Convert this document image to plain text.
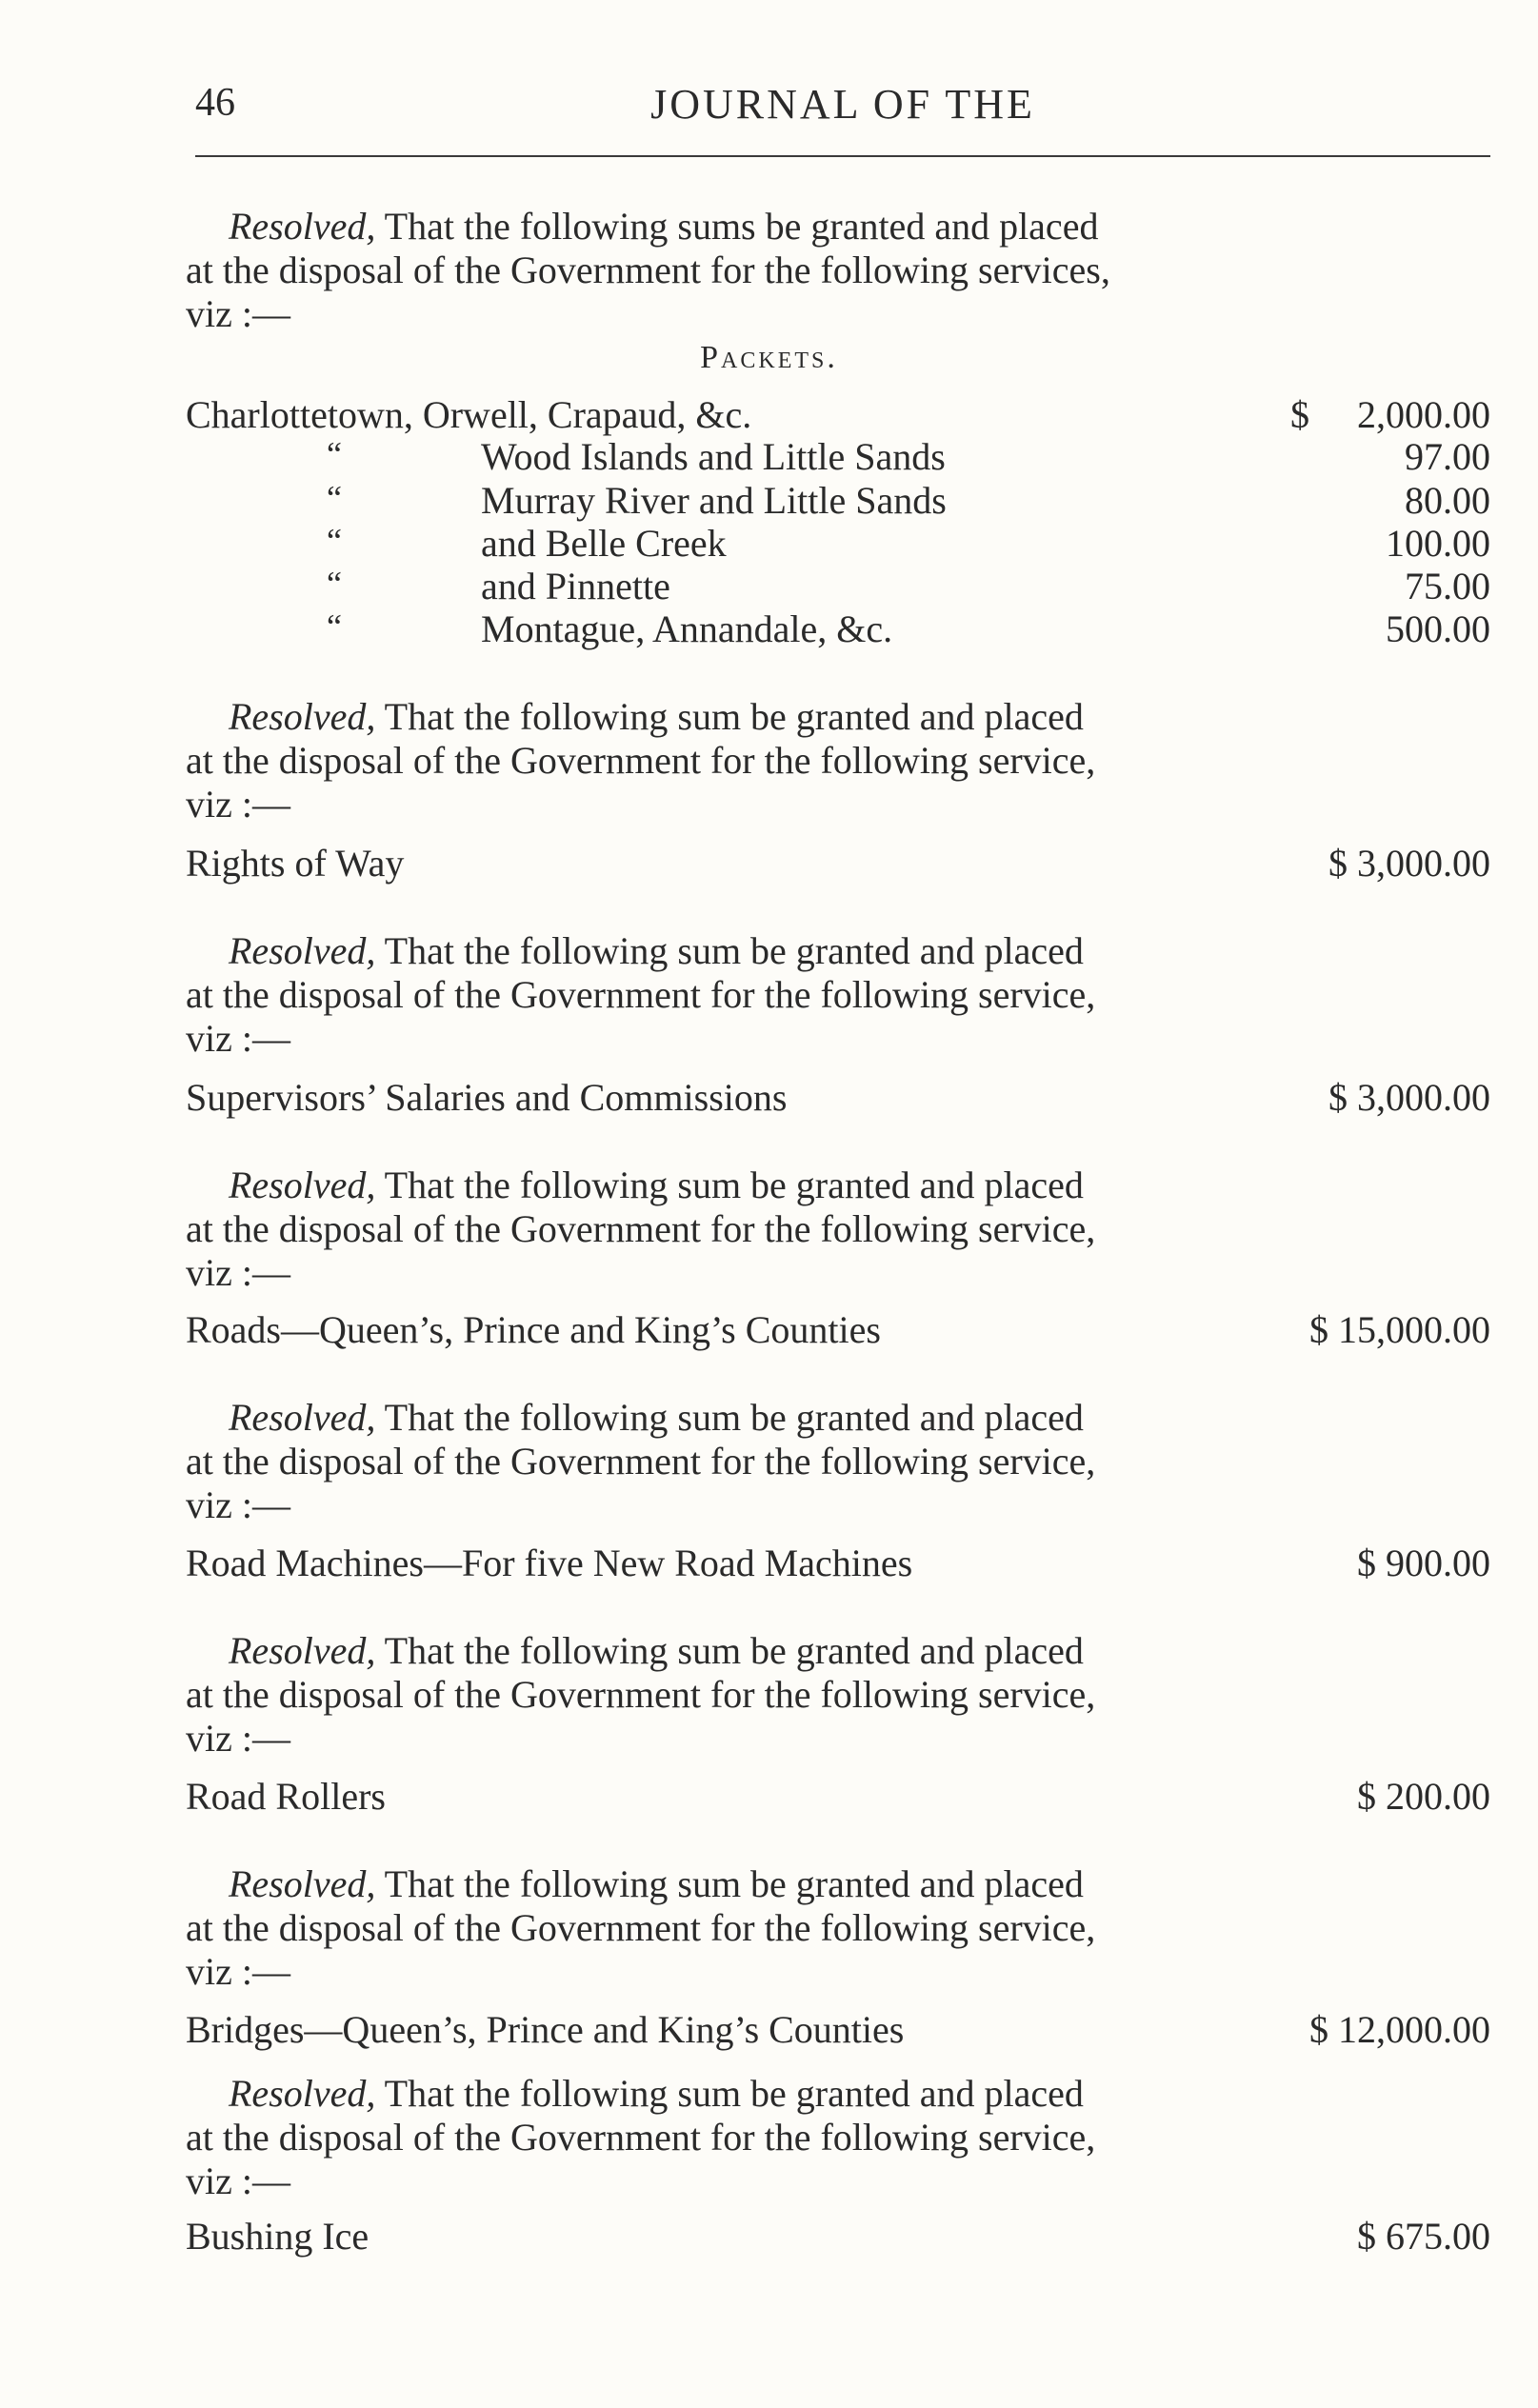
46	JOURNAL OF THE
Resolved, That the following sums be granted and placed
at the disposal of the Government for the following services,
viz :—
Packets.
Charlottetown, Orwell, Crapaud, &c.	$ 2,000.00
“	Wood Islands and Little Sands	97.00
“	Murray River and Little Sands	80.00
“	and Belle Creek	100.00
“	and Pinnette	75.00
“	Montague, Annandale, &c.	500.00
Resolved, That the following sum be granted and placed
at the disposal of the Government for the following service,
viz :—
Rights of Way	$ 3,000.00
Resolved, That the following sum be granted and placed
at the disposal of the Government for the following service,
viz :—
Supervisors’ Salaries and Commissions	$ 3,000.00
Resolved, That the following sum be granted and placed
at the disposal of the Government for the following service,
viz :—
Roads—Queen’s, Prince and King’s Counties	$ 15,000.00
Resolved, That the following sum be granted and placed
at the disposal of the Government for the following service,
viz :—
Road Machines—For five New Road Machines	$ 900.00
Resolved, That the following sum be granted and placed
at the disposal of the Government for the following service,
viz :—
Road Rollers	$ 200.00
Resolved, That the following sum be granted and placed
at the disposal of the Government for the following service,
viz :—
Bridges—Queen’s, Prince and King’s Counties	$ 12,000.00
Resolved, That the following sum be granted and placed
at the disposal of the Government for the following service,
viz :—
Bushing Ice	$ 675.00
